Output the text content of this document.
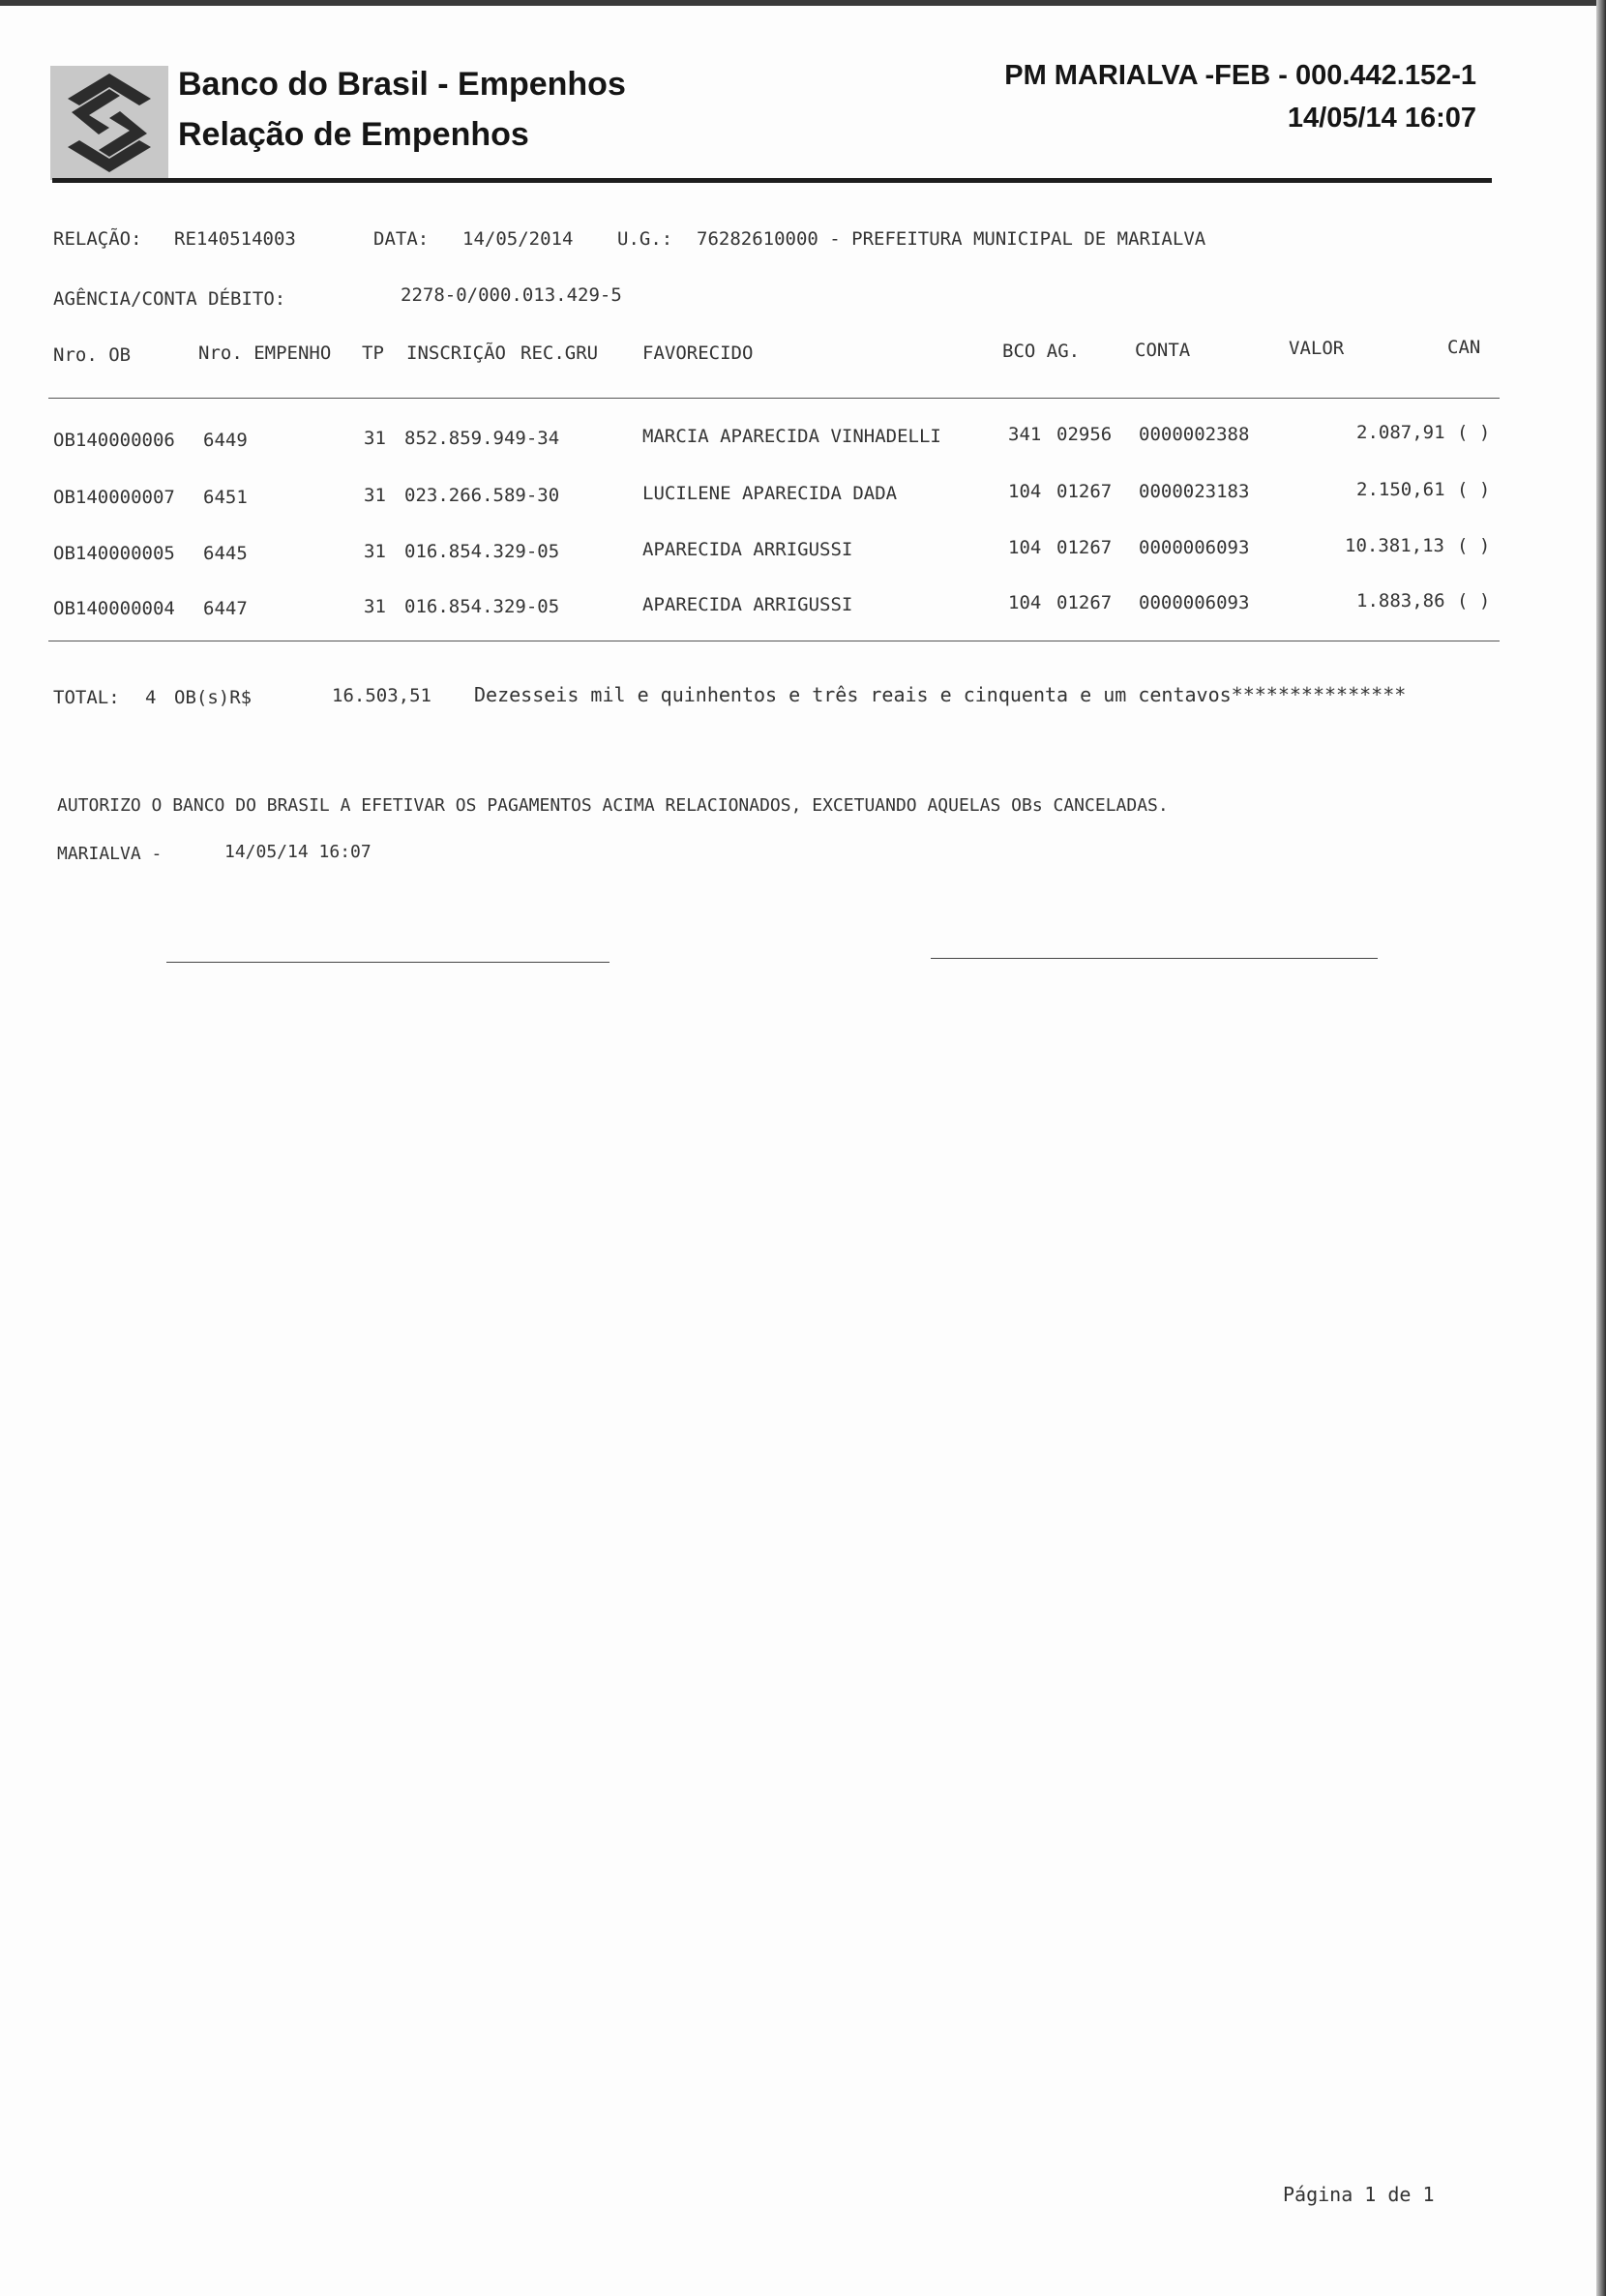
Banco do Brasil - Empenhos
Relação de Empenhos
PM MARIALVA -FEB - 000.442.152-1
14/05/14 16:07
RELAÇÃO: RE140514003	DATA: 14/05/2014 U.G.: 76282610000 - PREFEITURA MUNICIPAL DE MARIALVA
AGÊNCIA/CONTA DÉBITO:	2278-0/000.013.429-5
Nro. OB	Nro. EMPENHO TP INSCRIÇÃO REC.GRU FAVORECIDO	BCO AG.	CONTA	VALOR	CAN
OB140000006 6449	31 852.859.949-34	MARCIA APARECIDA VINHADELLI	341 02956 0000002388	2.087,91 ( )
OB140000007 6451	31 023.266.589-30	LUCILENE APARECIDA DADA	104 01267 0000023183	2.150,61 ( )
OB140000005 6445	31 016.854.329-05	APARECIDA ARRIGUSSI	104 01267 0000006093	10.381,13 ( )
OB140000004 6447	31 016.854.329-05	APARECIDA ARRIGUSSI	104 01267 0000006093	1.883,86 ( )
TOTAL: 4 OB(s)R$	16.503,51 Dezesseis mil e quinhentos e três reais e cinquenta e um centavos***************
AUTORIZO O BANCO DO BRASIL A EFETIVAR OS PAGAMENTOS ACIMA RELACIONADOS, EXCETUANDO AQUELAS OBs CANCELADAS.
MARIALVA -	14/05/14 16:07
Página 1 de 1
